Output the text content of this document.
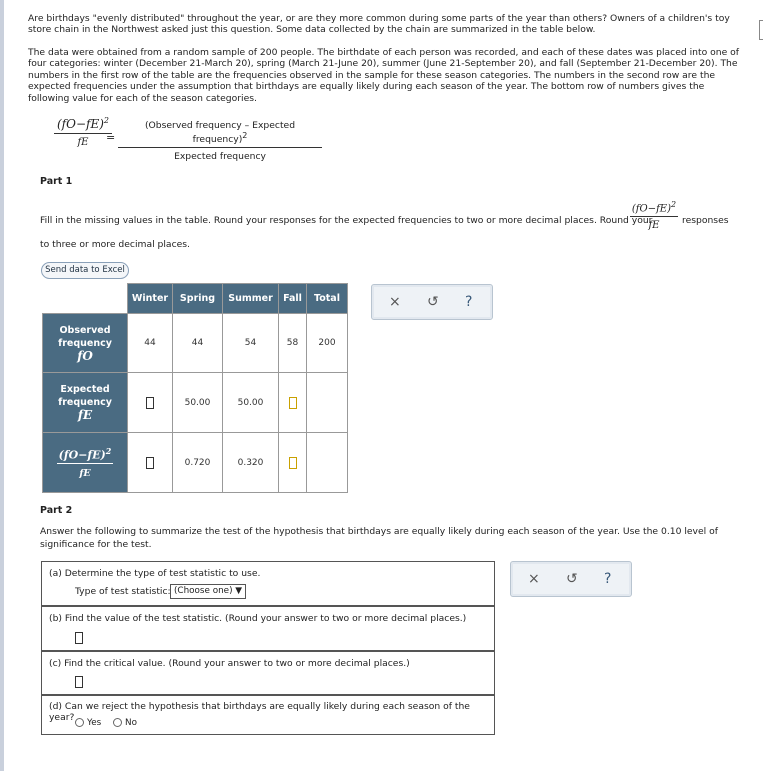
Are birthdays "evenly distributed" throughout the year, or are they more common during some parts of the year than others? Owners of a children's toy store chain in the Northwest asked just this question. Some data collected by the chain are summarized in the table below.

The data were obtained from a random sample of 200 people. The birthdate of each person was recorded, and each of these dates was placed into one of four categories: winter (December 21-March 20), spring (March 21-June 20), summer (June 21-September 20), and fall (September 21-December 20). The numbers in the first row of the table are the frequencies observed in the sample for these season categories. The numbers in the second row are the expected frequencies under the assumption that birthdays are equally likely during each season of the year. The bottom row of numbers gives the following value for each of the season categories.

$(fO-fE)^2$
fE	=
(Observed frequency – Expected frequency)2
Expected frequency
Part 1
Fill in the missing values in the table. Round your responses for the expected frequencies to two or more decimal places. Round your
$(fO-fE)^2$
fE	responses
to three or more decimal places.
Send data to Excel
	Winter	Spring	Summer	Fall	Total

Observed
frequency
fO	44	44	54	58	200

Expected
frequency
fE		50.00	50.00		

$\frac{(fO-fE)^2}{fE}$		0.720	0.320		
× ↺ ?
Part 2
Answer the following to summarize the test of the hypothesis that birthdays are equally likely during each season of the year. Use the 0.10 level of significance for the test.
(a) Determine the type of test statistic to use.
Type of test statistic: (Choose one) ▼
(b) Find the value of the test statistic. (Round your answer to two or more decimal places.)
(c) Find the critical value. (Round your answer to two or more decimal places.)
(d) Can we reject the hypothesis that birthdays are equally likely during each season of the year?	Yes	No
× ↺ ?
